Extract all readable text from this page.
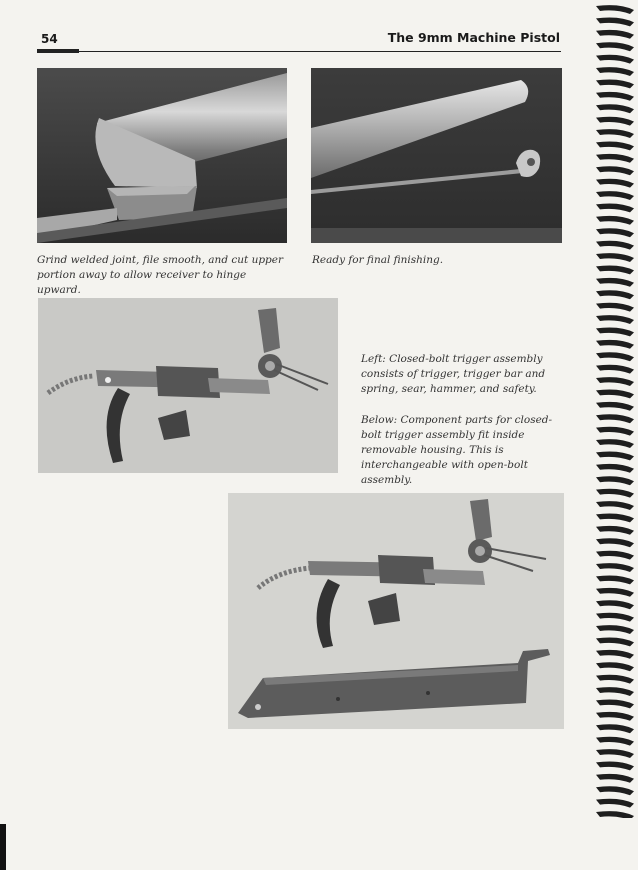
54	The 9mm Machine Pistol

Grind welded joint, file smooth, and cut upper portion away to allow receiver to hinge upward.

Ready for final finishing.

Left: Closed-bolt trigger assembly consists of trigger, trigger bar and spring, sear, hammer, and safety.

Below: Component parts for closed-bolt trigger assembly fit inside removable housing. This is interchangeable with open-bolt assembly.
